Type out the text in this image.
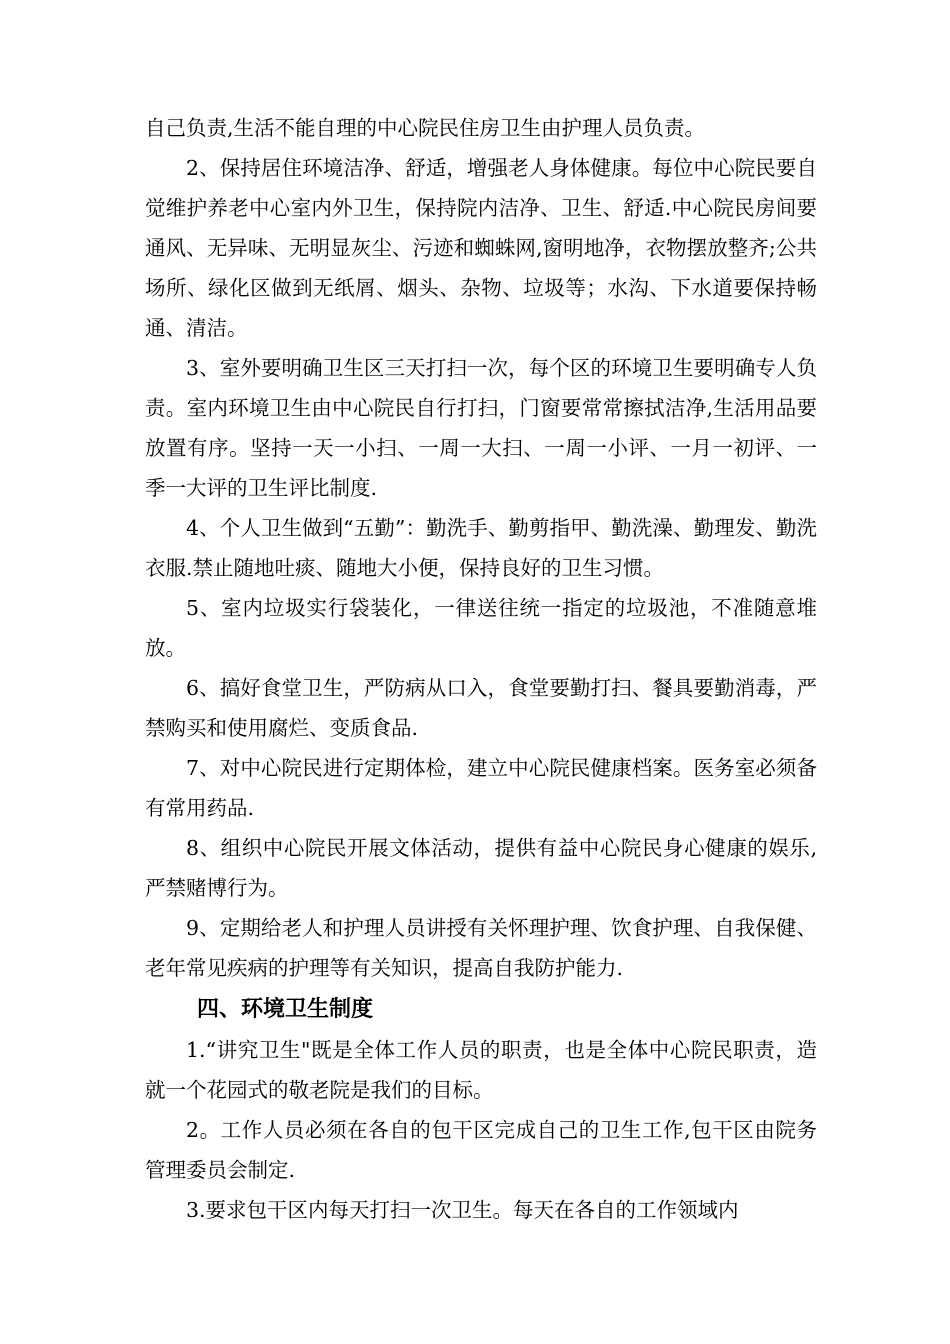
自己负责,生活不能自理的中心院民住房卫生由护理人员负责。

2、保持居住环境洁净、舒适，增强老人身体健康。每位中心院民要自觉维护养老中心室内外卫生，保持院内洁净、卫生、舒适.中心院民房间要通风、无异味、无明显灰尘、污迹和蜘蛛网,窗明地净，衣物摆放整齐;公共场所、绿化区做到无纸屑、烟头、杂物、垃圾等；水沟、下水道要保持畅通、清洁。

3、室外要明确卫生区三天打扫一次，每个区的环境卫生要明确专人负责。室内环境卫生由中心院民自行打扫，门窗要常常擦拭洁净,生活用品要放置有序。坚持一天一小扫、一周一大扫、一周一小评、一月一初评、一季一大评的卫生评比制度.

4、个人卫生做到“五勤”：勤洗手、勤剪指甲、勤洗澡、勤理发、勤洗衣服.禁止随地吐痰、随地大小便，保持良好的卫生习惯。

5、室内垃圾实行袋装化，一律送往统一指定的垃圾池，不准随意堆放。

6、搞好食堂卫生，严防病从口入，食堂要勤打扫、餐具要勤消毒，严禁购买和使用腐烂、变质食品.

7、对中心院民进行定期体检，建立中心院民健康档案。医务室必须备有常用药品.

8、组织中心院民开展文体活动，提供有益中心院民身心健康的娱乐,严禁赌博行为。

9、定期给老人和护理人员讲授有关怀理护理、饮食护理、自我保健、老年常见疾病的护理等有关知识，提高自我防护能力.

四、环境卫生制度

1.“讲究卫生"既是全体工作人员的职责，也是全体中心院民职责，造就一个花园式的敬老院是我们的目标。

2。工作人员必须在各自的包干区完成自己的卫生工作,包干区由院务管理委员会制定.

3.要求包干区内每天打扫一次卫生。每天在各自的工作领域内
